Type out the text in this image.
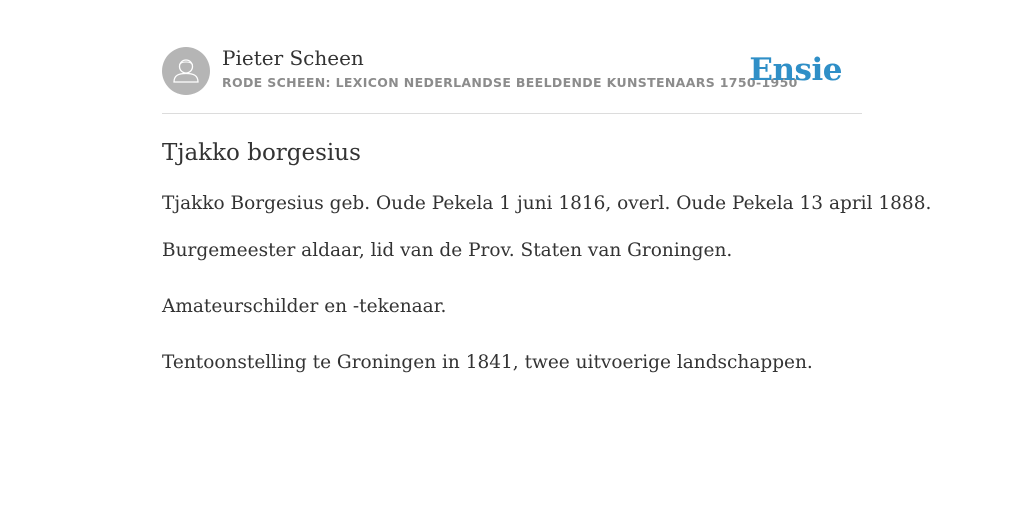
Pieter Scheen
RODE SCHEEN: LEXICON NEDERLANDSE BEELDENDE KUNSTENAARS 1750-1950
Ensie
Tjakko borgesius

Tjakko Borgesius geb. Oude Pekela 1 juni 1816, overl. Oude Pekela 13 april 1888.

Burgemeester aldaar, lid van de Prov. Staten van Groningen.

Amateurschilder en -tekenaar.

Tentoonstelling te Groningen in 1841, twee uitvoerige landschappen.
